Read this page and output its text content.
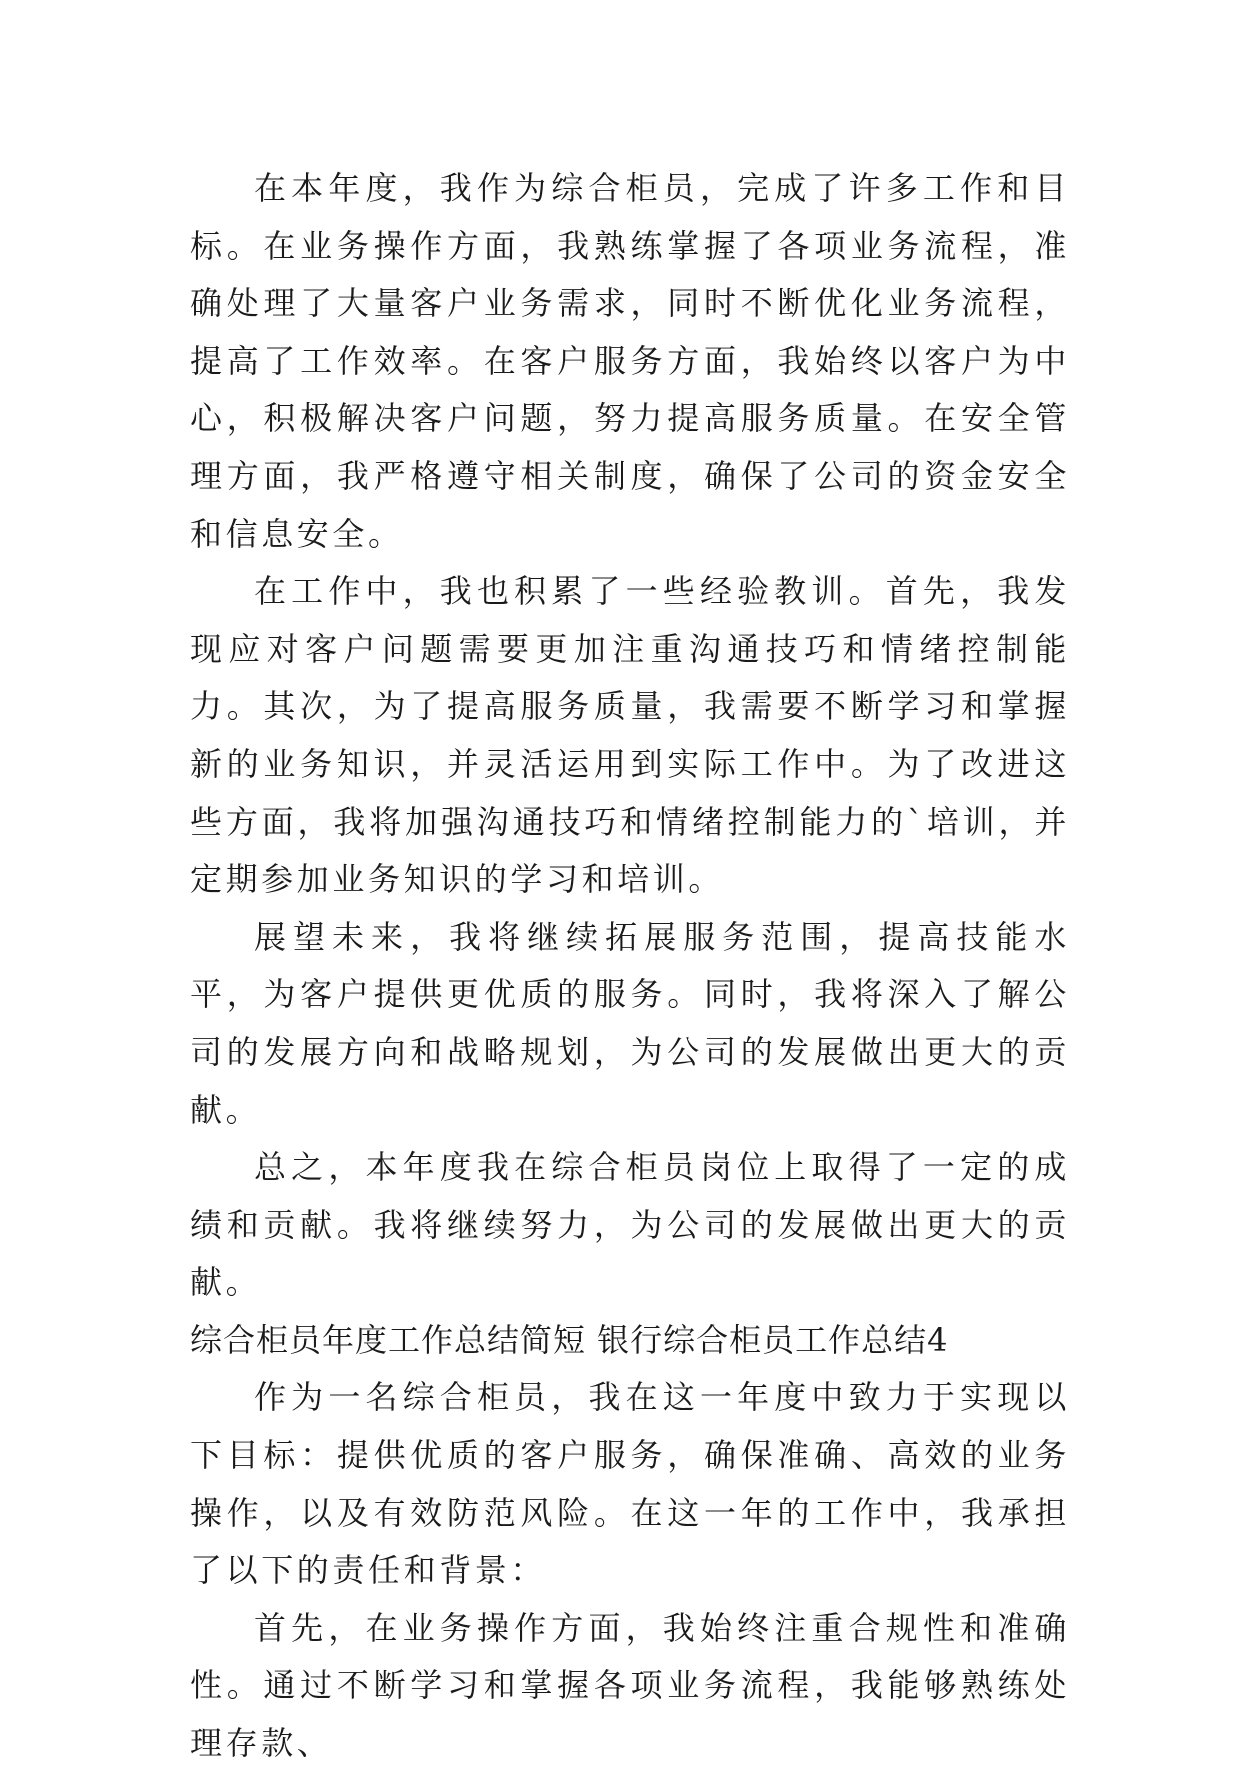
在本年度，我作为综合柜员，完成了许多工作和目标。在业务操作方面，我熟练掌握了各项业务流程，准确处理了大量客户业务需求，同时不断优化业务流程，提高了工作效率。在客户服务方面，我始终以客户为中心，积极解决客户问题，努力提高服务质量。在安全管理方面，我严格遵守相关制度，确保了公司的资金安全和信息安全。

在工作中，我也积累了一些经验教训。首先，我发现应对客户问题需要更加注重沟通技巧和情绪控制能力。其次，为了提高服务质量，我需要不断学习和掌握新的业务知识，并灵活运用到实际工作中。为了改进这些方面，我将加强沟通技巧和情绪控制能力的`培训，并定期参加业务知识的学习和培训。

展望未来，我将继续拓展服务范围，提高技能水平，为客户提供更优质的服务。同时，我将深入了解公司的发展方向和战略规划，为公司的发展做出更大的贡献。

总之，本年度我在综合柜员岗位上取得了一定的成绩和贡献。我将继续努力，为公司的发展做出更大的贡献。

综合柜员年度工作总结简短 银行综合柜员工作总结4

作为一名综合柜员，我在这一年度中致力于实现以下目标：提供优质的客户服务，确保准确、高效的业务操作，以及有效防范风险。在这一年的工作中，我承担了以下的责任和背景：

首先，在业务操作方面，我始终注重合规性和准确性。通过不断学习和掌握各项业务流程，我能够熟练处理存款、
